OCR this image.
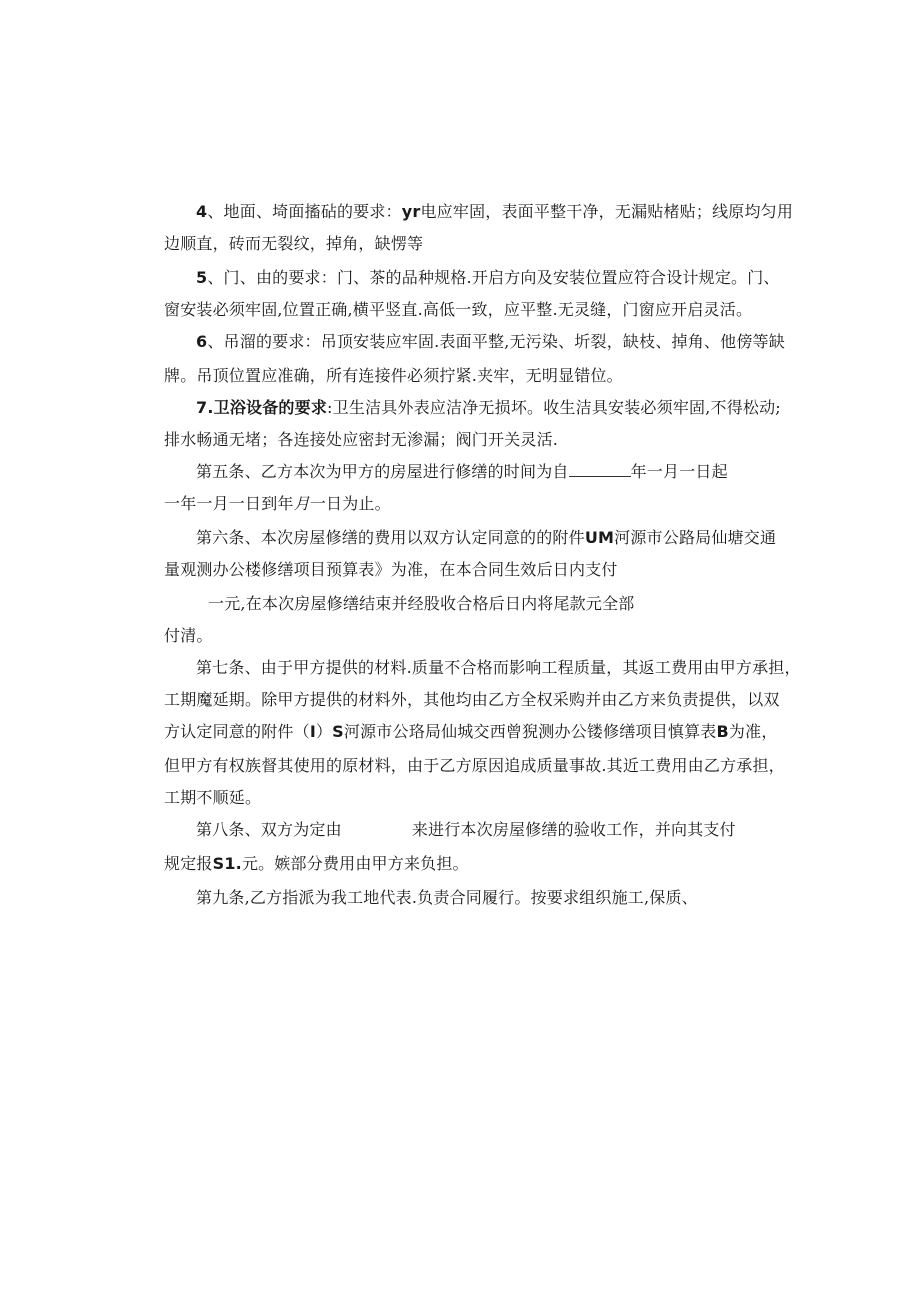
4、地面、埼面搐砧的要求：yr电应牢固，表面平整干净，无漏贴楮贴；线原均匀用
边顺直，砖而无裂纹，掉角，缺愣等
5、门、由的要求：门、茶的品种规格.开启方向及安装位置应符合设计规定。门、
窗安装必须牢固,位置正确,横平竖直.高低一致，应平整.无灵缝，门窗应开启灵活。
6、吊溜的要求：吊顶安装应牢固.表面平整,无污染、圻裂，缺枝、掉角、他傍等缺
牌。吊顶位置应准确，所有连接件必须拧紧.夹牢，无明显错位。
7.卫浴设备的要求:卫生洁具外表应洁净无损坏。收生洁具安装必须牢固,不得松动;
排水畅通无堵；各连接处应密封无渗漏；阀门开关灵活.
第五条、乙方本次为甲方的房屋进行修缮的时间为自	年一月一日起
一年一月一日到年月一日为止。
第六条、本次房屋修缮的费用以双方认定同意的的附件UM河源市公路局仙塘交通
量观测办公楼修缮项目预算表》为准，在本合同生效后日内支付
一元,在本次房屋修缮结束并经股收合格后日内将尾款元全部
付清。
第七条、由于甲方提供的材料.质量不合格而影响工程质量，其返工费用由甲方承担，
工期魔延期。除甲方提供的材料外，其他均由乙方全权采购并由乙方来负责提供，以双
方认定同意的附件（I）S河源市公珞局仙城交西曾猊测办公镂修缮项目慎算表B为准，
但甲方有权族督其使用的原材料，由于乙方原因追成质量事故.其近工费用由乙方承担，
工期不顺延。
第八条、双方为定由	来进行本次房屋修缮的验收工作，并向其支付
规定报S1.元。嫉部分费用由甲方来负担。
第九条,乙方指派为我工地代表.负责合同履行。按要求组织施工,保质、
